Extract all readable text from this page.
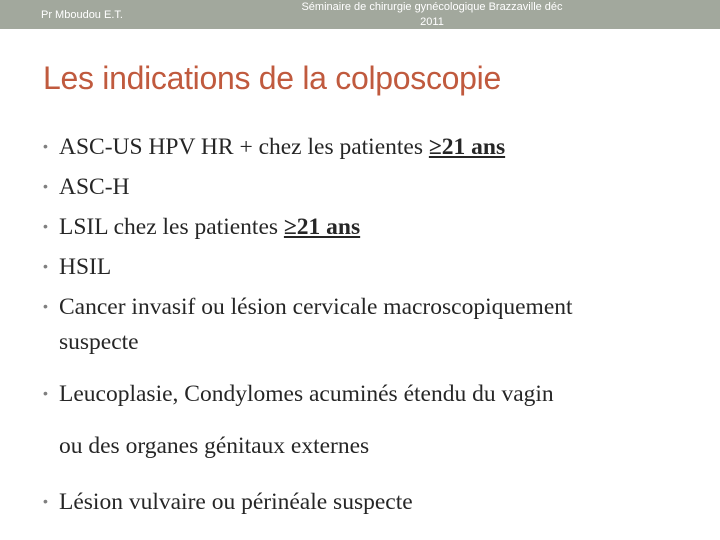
Pr Mboudou E.T.
Séminaire de chirurgie gynécologique Brazzaville déc
2011
Les indications de la colposcopie
• ASC-US HPV HR + chez les patientes ≥21 ans
• ASC-H
• LSIL chez les patientes ≥21 ans
• HSIL
• Cancer invasif ou lésion cervicale macroscopiquement
suspecte
• Leucoplasie, Condylomes acuminés étendu du vagin
ou des organes génitaux externes
• Lésion vulvaire ou périnéale suspecte
